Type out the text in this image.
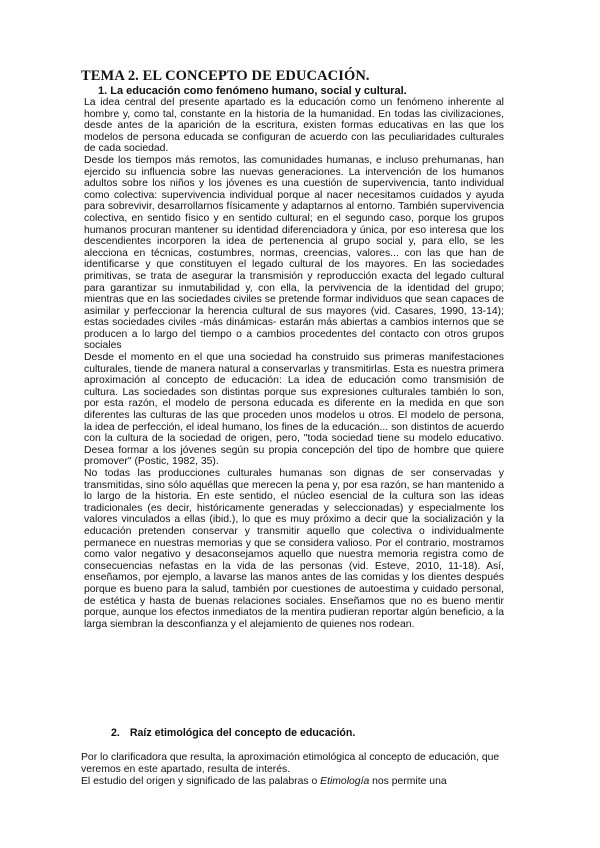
TEMA 2. EL CONCEPTO DE EDUCACIÓN.
1. La educación como fenómeno humano, social y cultural.

La idea central del presente apartado es la educación como un fenómeno inherente al hombre y, como tal, constante en la historia de la humanidad. En todas las civilizaciones, desde antes de la aparición de la escritura, existen formas educativas en las que los modelos de persona educada se configuran de acuerdo con las peculiaridades culturales de cada sociedad.

Desde los tiempos más remotos, las comunidades humanas, e incluso prehumanas, han ejercido su influencia sobre las nuevas generaciones. La intervención de los humanos adultos sobre los niños y los jóvenes es una cuestión de supervivencia, tanto individual como colectiva: supervivencia individual porque al nacer necesitamos cuidados y ayuda para sobrevivir, desarrollarnos físicamente y adaptarnos al entorno. También supervivencia colectiva, en sentido físico y en sentido cultural; en el segundo caso, porque los grupos humanos procuran mantener su identidad diferenciadora y única, por eso interesa que los descendientes incorporen la idea de pertenencia al grupo social y, para ello, se les alecciona en técnicas, costumbres, normas, creencias, valores... con las que han de identificarse y que constituyen el legado cultural de los mayores. En las sociedades primitivas, se trata de asegurar la transmisión y reproducción exacta del legado cultural para garantizar su inmutabilidad y, con ella, la pervivencia de la identidad del grupo; mientras que en las sociedades civiles se pretende formar individuos que sean capaces de asimilar y perfeccionar la herencia cultural de sus mayores (vid. Casares, 1990, 13-14); estas sociedades civiles -más dinámicas- estarán más abiertas a cambios internos que se producen a lo largo del tiempo o a cambios procedentes del contacto con otros grupos sociales

Desde el momento en el que una sociedad ha construido sus primeras manifestaciones culturales, tiende de manera natural a conservarlas y transmitirlas. Esta es nuestra primera aproximación al concepto de educación: La idea de educación como transmisión de cultura. Las sociedades son distintas porque sus expresiones culturales también lo son, por esta razón, el modelo de persona educada es diferente en la medida en que son diferentes las culturas de las que proceden unos modelos u otros. El modelo de persona, la idea de perfección, el ideal humano, los fines de la educación... son distintos de acuerdo con la cultura de la sociedad de origen, pero, "toda sociedad tiene su modelo educativo. Desea formar a los jóvenes según su propia concepción del tipo de hombre que quiere promover" (Postic, 1982, 35).

No todas las producciones culturales humanas son dignas de ser conservadas y transmitidas, sino sólo aquéllas que merecen la pena y, por esa razón, se han mantenido a lo largo de la historia. En este sentido, el núcleo esencial de la cultura son las ideas tradicionales (es decir, históricamente generadas y seleccionadas) y especialmente los valores vinculados a ellas (ibid.), lo que es muy próximo a decir que la socialización y la educación pretenden conservar y transmitir aquello que colectiva o individualmente permanece en nuestras memorias y que se considera valioso. Por el contrario, mostramos como valor negativo y desaconsejamos aquello que nuestra memoria registra como de consecuencias nefastas en la vida de las personas (vid. Esteve, 2010, 11-18). Así, enseñamos, por ejemplo, a lavarse las manos antes de las comidas y los dientes después porque es bueno para la salud, también por cuestiones de autoestima y cuidado personal, de estética y hasta de buenas relaciones sociales. Enseñamos que no es bueno mentir porque, aunque los efectos inmediatos de la mentira pudieran reportar algún beneficio, a la larga siembran la desconfianza y el alejamiento de quienes nos rodean.

2. Raíz etimológica del concepto de educación.

Por lo clarificadora que resulta, la aproximación etimológica al concepto de educación, que veremos en este apartado, resulta de interés.

El estudio del origen y significado de las palabras o Etimología nos permite una
